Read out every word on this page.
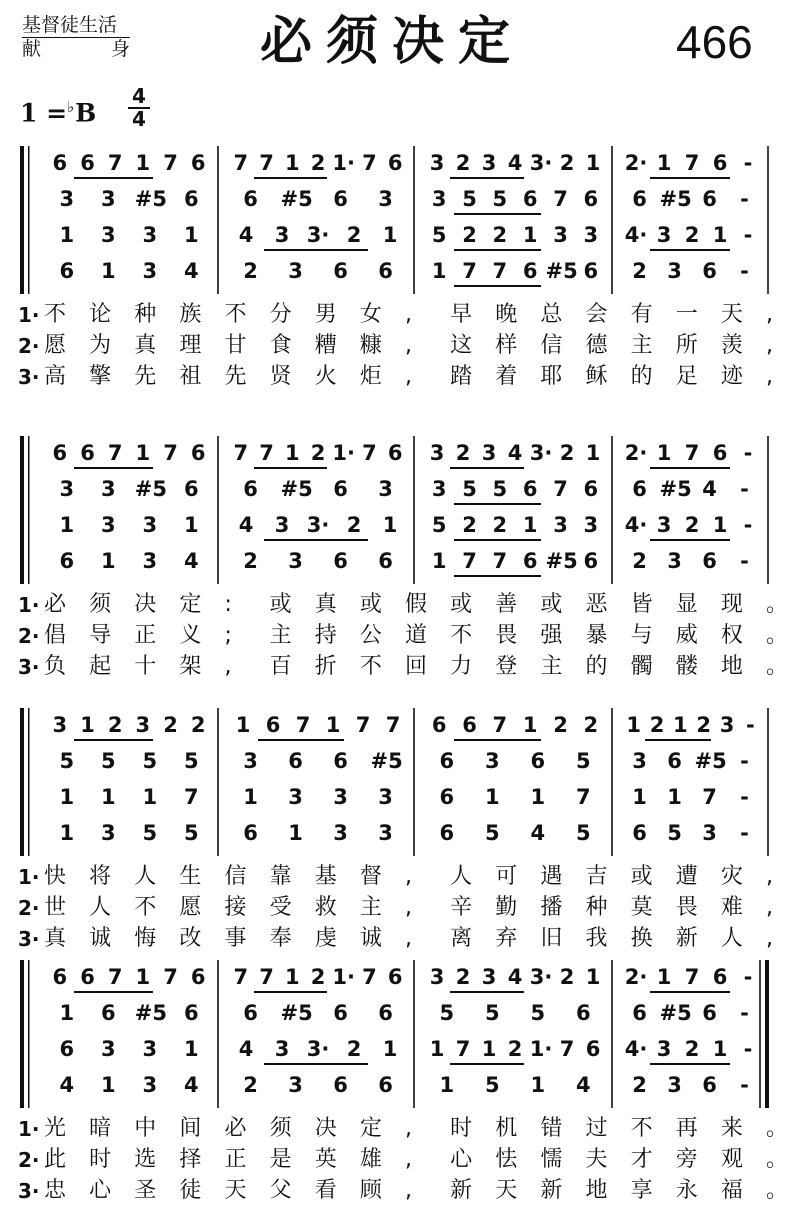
基督徒生活
献	身	必须决定	466
1 =♭B
4
4
6 6 7 1 7 6 7 7 1 2 1· 7 6 3 2 3 4 3· 2 1 2· 1 7 6 -
3 3 #5 6 6 #5 6 3 3 5 5 6 7 6 6 #5 6 -
1 3 3 1 4 3 3· 2 1 5 2 2 1 3 3 4· 3 2 1 -
6 1 3 4 2 3 6 6 1 7 7 6 #5 6 2 3 6 -
1· 不 论 种 族 不 分 男 女 , 早 晚 总 会 有 一 天 ,
2· 愿 为 真 理 甘 食 糟 糠 , 这 样 信 德 主 所 羡 ,
3· 高 擎 先 祖 先 贤 火 炬 , 踏 着 耶 稣 的 足 迹 ,
6 6 7 1 7 6 7 7 1 2 1· 7 6 3 2 3 4 3· 2 1 2· 1 7 6 -
3 3 #5 6 6 #5 6 3 3 5 5 6 7 6 6 #5 4 -
1 3 3 1 4 3 3· 2 1 5 2 2 1 3 3 4· 3 2 1 -
6 1 3 4 2 3 6 6 1 7 7 6 #5 6 2 3 6 -
1· 必 须 决 定 : 或 真 或 假 或 善 或 恶 皆 显 现 。
2· 倡 导 正 义 ; 主 持 公 道 不 畏 强 暴 与 威 权 。
3· 负 起 十 架 , 百 折 不 回 力 登 主 的 髑 髅 地 。
3 1 2 3 2 2 1 6 7 1 7 7 6 6 7 1 2 2 1 2 1 2 3 -
5 5 5 5 3 6 6 #5 6 3 6 5 3 6 #5 -
1 1 1 7 1 3 3 3 6 1 1 7 1 1 7 -
1 3 5 5 6 1 3 3 6 5 4 5 6 5 3 -
1· 快 将 人 生 信 靠 基 督 , 人 可 遇 吉 或 遭 灾 ,
2· 世 人 不 愿 接 受 救 主 , 辛 勤 播 种 莫 畏 难 ,
3· 真 诚 悔 改 事 奉 虔 诚 , 离 弃 旧 我 换 新 人 ,
6 6 7 1 7 6 7 7 1 2 1· 7 6 3 2 3 4 3· 2 1 2· 1 7 6 -
1 6 #5 6 6 #5 6 6 5 5 5 6 6 #5 6 -
6 3 3 1 4 3 3· 2 1 1 7 1 2 1· 7 6 4· 3 2 1 -
4 1 3 4 2 3 6 6 1 5 1 4 2 3 6 -
1· 光 暗 中 间 必 须 决 定 , 时 机 错 过 不 再 来 。
2· 此 时 选 择 正 是 英 雄 , 心 怯 懦 夫 才 旁 观 。
3· 忠 心 圣 徒 天 父 看 顾 , 新 天 新 地 享 永 福 。
